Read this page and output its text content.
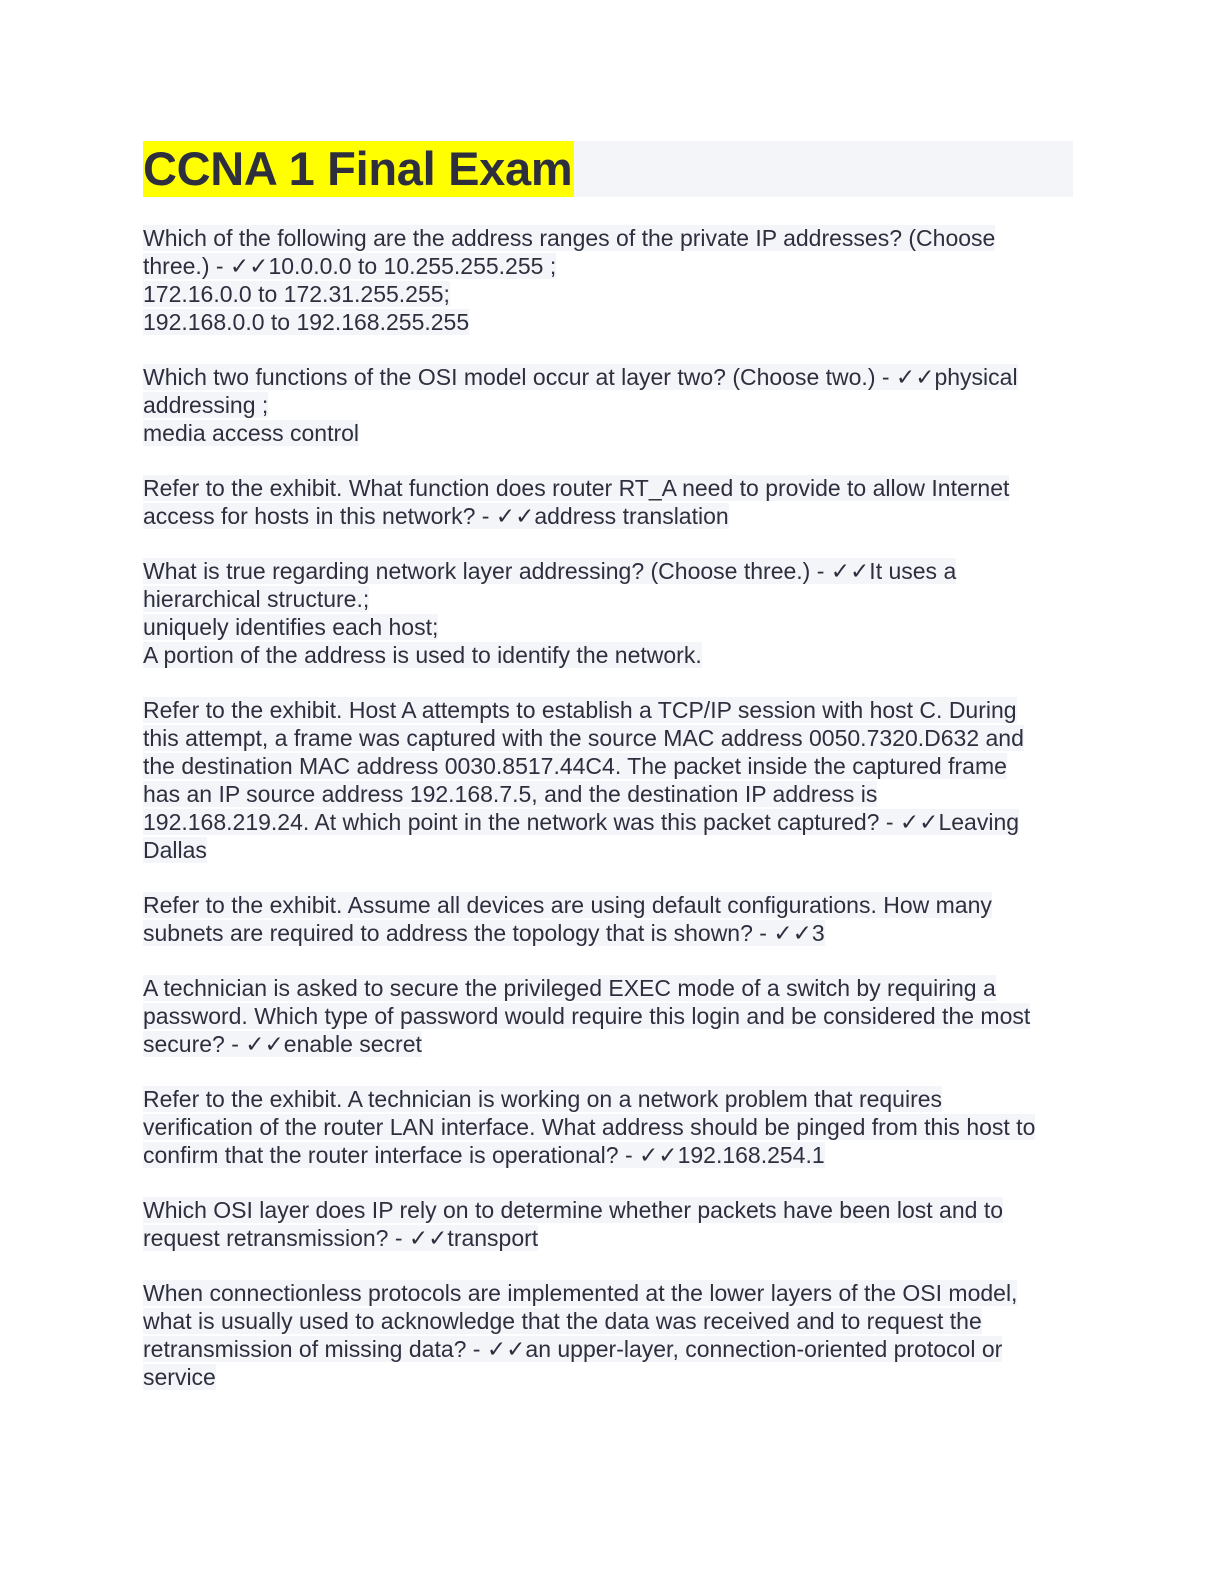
CCNA 1 Final Exam
Which of the following are the address ranges of the private IP addresses? (Choose
three.) - ✓✓10.0.0.0 to 10.255.255.255 ;
172.16.0.0 to 172.31.255.255;
192.168.0.0 to 192.168.255.255
Which two functions of the OSI model occur at layer two? (Choose two.) - ✓✓physical
addressing ;
media access control
Refer to the exhibit. What function does router RT_A need to provide to allow Internet
access for hosts in this network? - ✓✓address translation
What is true regarding network layer addressing? (Choose three.) - ✓✓It uses a
hierarchical structure.;
uniquely identifies each host;
A portion of the address is used to identify the network.
Refer to the exhibit. Host A attempts to establish a TCP/IP session with host C. During
this attempt, a frame was captured with the source MAC address 0050.7320.D632 and
the destination MAC address 0030.8517.44C4. The packet inside the captured frame
has an IP source address 192.168.7.5, and the destination IP address is
192.168.219.24. At which point in the network was this packet captured? - ✓✓Leaving
Dallas
Refer to the exhibit. Assume all devices are using default configurations. How many
subnets are required to address the topology that is shown? - ✓✓3
A technician is asked to secure the privileged EXEC mode of a switch by requiring a
password. Which type of password would require this login and be considered the most
secure? - ✓✓enable secret
Refer to the exhibit. A technician is working on a network problem that requires
verification of the router LAN interface. What address should be pinged from this host to
confirm that the router interface is operational? - ✓✓192.168.254.1
Which OSI layer does IP rely on to determine whether packets have been lost and to
request retransmission? - ✓✓transport
When connectionless protocols are implemented at the lower layers of the OSI model,
what is usually used to acknowledge that the data was received and to request the
retransmission of missing data? - ✓✓an upper-layer, connection-oriented protocol or
service
